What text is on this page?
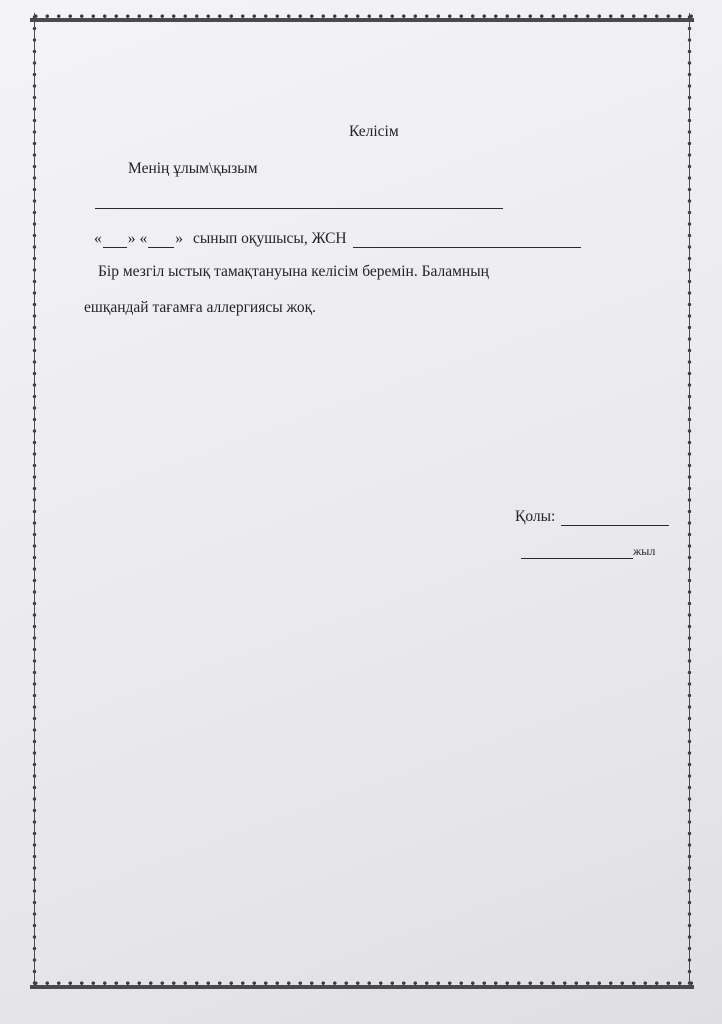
Келісім
Менің ұлым\қызым
« » « » сынып оқушысы, ЖСН
Бір мезгіл ыстық тамақтануына келісім беремін. Баламның
ешқандай тағамға аллергиясы жоқ.
Қолы:
жыл
